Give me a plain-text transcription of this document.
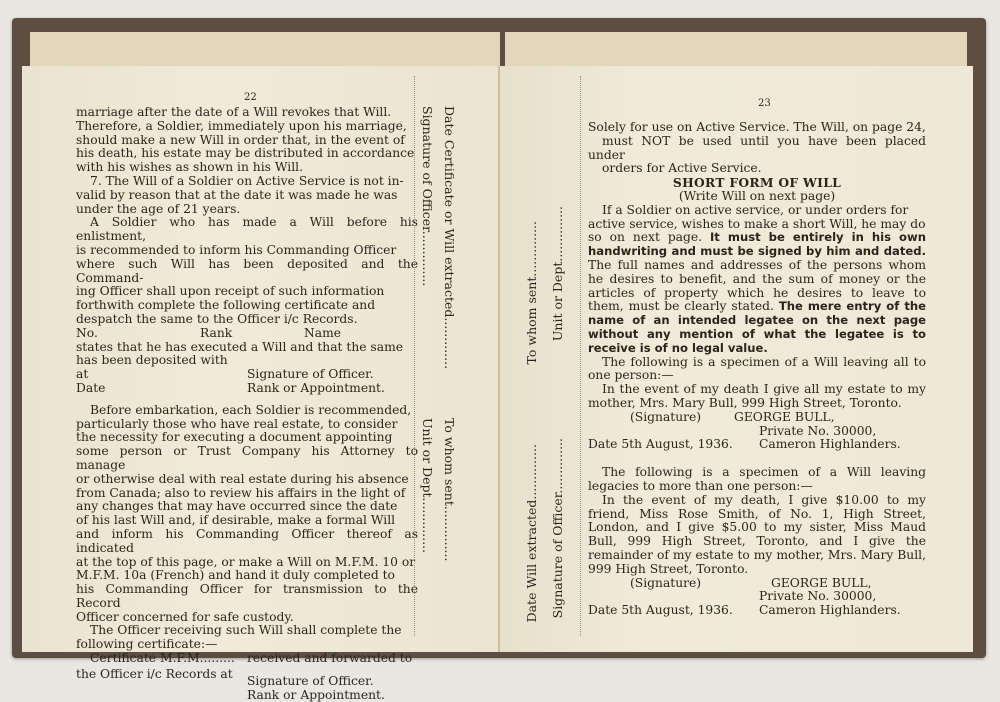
22

marriage after the date of a Will revokes that Will.

Therefore, a Soldier, immediately upon his marriage,

should make a new Will in order that, in the event of

his death, his estate may be distributed in accordance

with his wishes as shown in his Will.

7. The Will of a Soldier on Active Service is not in-

valid by reason that at the date it was made he was

under the age of 21 years.

A Soldier who has made a Will before his enlistment,

is recommended to inform his Commanding Officer

where such Will has been deposited and the Command-

ing Officer shall upon receipt of such information

forthwith complete the following certificate and

despatch the same to the Officer i/c Records.

No.	Rank	Name

states that he has executed a Will and that the same

has been deposited with

at	Signature of Officer.
Date	Rank or Appointment.

Before embarkation, each Soldier is recommended,

particularly those who have real estate, to consider

the necessity for executing a document appointing

some person or Trust Company his Attorney to manage

or otherwise deal with real estate during his absence

from Canada; also to review his affairs in the light of

any changes that may have occurred since the date

of his last Will and, if desirable, make a formal Will

and inform his Commanding Officer thereof as indicated

at the top of this page, or make a Will on M.F.M. 10 or

M.F.M. 10a (French) and hand it duly completed to

his Commanding Officer for transmission to the Record

Officer concerned for safe custody.

The Officer receiving such Will shall complete the

following certificate:—

Certificate M.F.M......... received and forwarded to
the Officer i/c Records at	Signature of Officer.
Rank or Appointment.
Date Certificate or Will extracted.............
To whom sent..............
Signature of Officer..............
Unit or Dept..............
To whom sent..............
Date Will extracted..............
Unit or Dept..............
Signature of Officer..............
23

Solely for use on Active Service. The Will, on page 24,

must NOT be used until you have been placed under

orders for Active Service.

SHORT FORM OF WILL

(Write Will on next page)

If a Soldier on active service, or under orders for

active service, wishes to make a short Will, he may do

so on next page. It must be entirely in his own handwriting and must be signed by him and dated. The full names and addresses of the persons whom he desires to benefit, and the sum of money or the articles of property which he desires to leave to them, must be clearly stated. The mere entry of the name of an intended legatee on the next page without any mention of what the legatee is to receive is of no legal value.

The following is a specimen of a Will leaving all to one person:—

In the event of my death I give all my estate to my mother, Mrs. Mary Bull, 999 High Street, Toronto.

(Signature)	GEORGE BULL,
Private No. 30000,
Date 5th August, 1936.	Cameron Highlanders.

The following is a specimen of a Will leaving legacies to more than one person:—

In the event of my death, I give $10.00 to my friend, Miss Rose Smith, of No. 1, High Street, London, and I give $5.00 to my sister, Miss Maud Bull, 999 High Street, Toronto, and I give the remainder of my estate to my mother, Mrs. Mary Bull, 999 High Street, Toronto.

(Signature)	GEORGE BULL,
Private No. 30000,
Date 5th August, 1936.	Cameron Highlanders.
